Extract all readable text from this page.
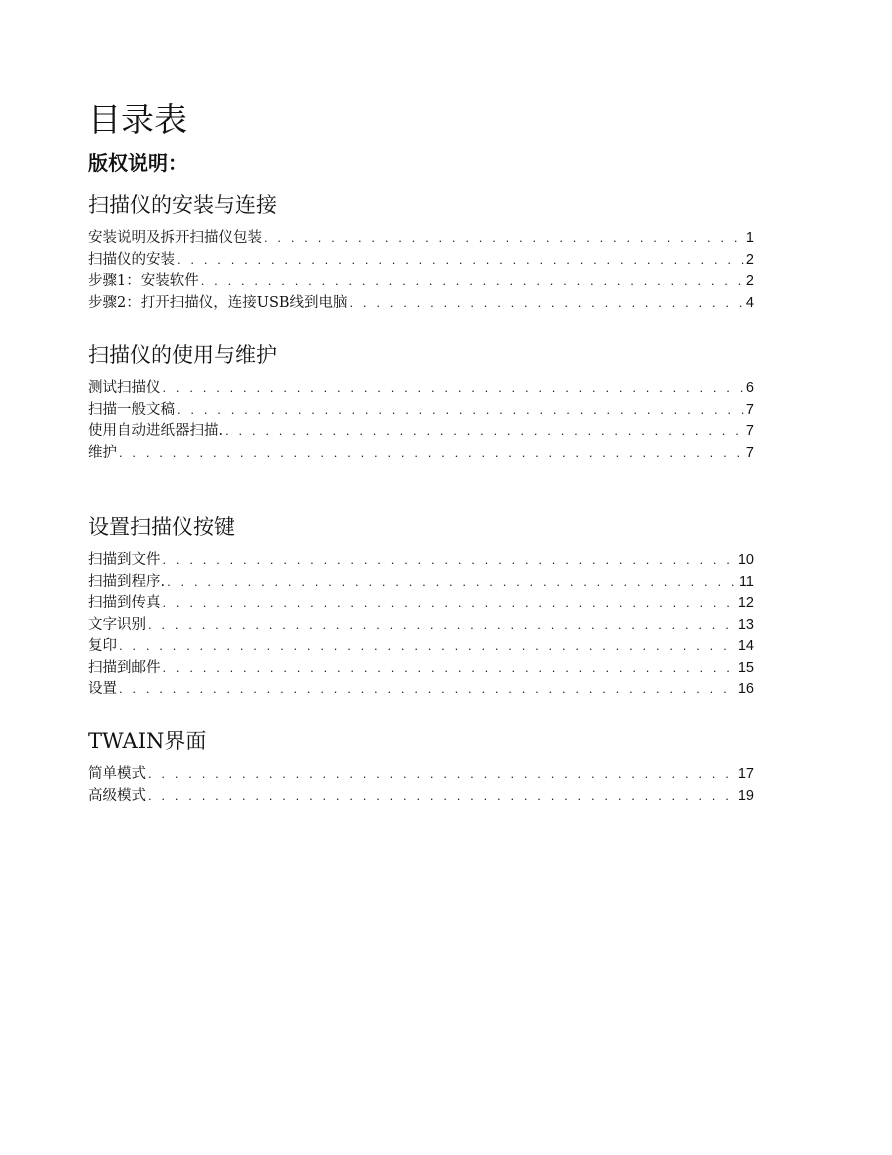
目录表
版权说明：
扫描仪的安装与连接
安装说明及拆开扫描仪包装 . . .	1
扫描仪的安装 . . .	2
步骤1：安装软件 . . .	2
步骤2：打开扫描仪，连接USB线到电脑 . . .	4
扫描仪的使用与维护
测试扫描仪 . . .	6
扫描一般文稿 . . .	7
使用自动进纸器扫描. . . .	7
维护 . . .	7
设置扫描仪按键
扫描到文件 . . .	10
扫描到程序. . . .	11
扫描到传真 . . .	12
文字识别 . . .	13
复印 . . .	14
扫描到邮件 . . .	15
设置 . . .	16
TWAIN界面
简单模式 . . .	17
高级模式 . . .	19
